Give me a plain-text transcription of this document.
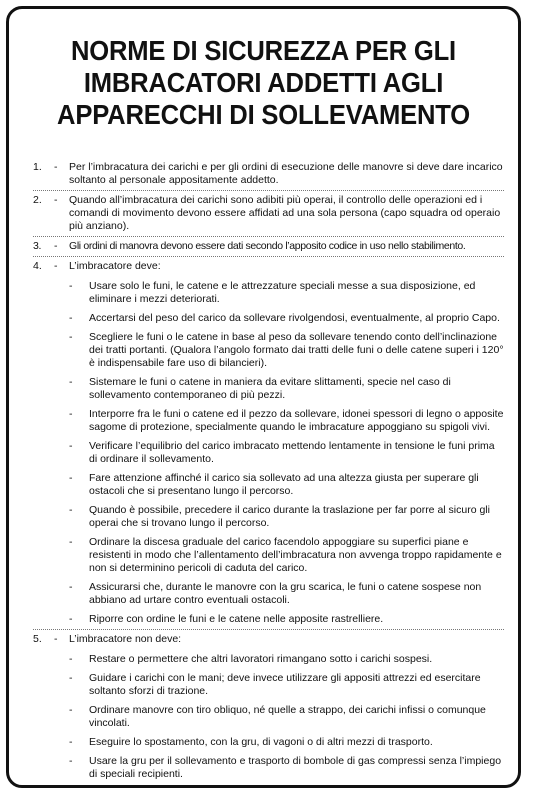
NORME DI SICUREZZA PER GLI
IMBRACATORI ADDETTI AGLI
APPARECCHI DI SOLLEVAMENTO
1. - Per l’imbracatura dei carichi e per gli ordini di esecuzione delle manovre si deve dare incarico soltanto al personale appositamente addetto.
2. - Quando all’imbracatura dei carichi sono adibiti più operai, il controllo delle operazioni ed i comandi di movimento devono essere affidati ad una sola persona (capo squadra od operaio più anziano).
3. - Gli ordini di manovra devono essere dati secondo l’apposito codice in uso nello stabilimento.
4. - L’imbracatore deve:
- Usare solo le funi, le catene e le attrezzature speciali messe a sua disposizione, ed eliminare i mezzi deteriorati.
- Accertarsi del peso del carico da sollevare rivolgendosi, eventualmente, al proprio Capo.
- Scegliere le funi o le catene in base al peso da sollevare tenendo conto dell’inclinazione dei tratti portanti. (Qualora l’angolo formato dai tratti delle funi o delle catene superi i 120° è indispensabile fare uso di bilancieri).
- Sistemare le funi o catene in maniera da evitare slittamenti, specie nel caso di sollevamento contemporaneo di più pezzi.
- Interporre fra le funi o catene ed il pezzo da sollevare, idonei spessori di legno o apposite sagome di protezione, specialmente quando le imbracature appoggiano su spigoli vivi.
- Verificare l’equilibrio del carico imbracato mettendo lentamente in tensione le funi prima di ordinare il sollevamento.
- Fare attenzione affinché il carico sia sollevato ad una altezza giusta per superare gli ostacoli che si presentano lungo il percorso.
- Quando è possibile, precedere il carico durante la traslazione per far porre al sicuro gli operai che si trovano lungo il percorso.
- Ordinare la discesa graduale del carico facendolo appoggiare su superfici piane e resistenti in modo che l’allentamento dell’imbracatura non avvenga troppo rapidamente e non si determinino pericoli di caduta del carico.
- Assicurarsi che, durante le manovre con la gru scarica, le funi o catene sospese non abbiano ad urtare contro eventuali ostacoli.
- Riporre con ordine le funi e le catene nelle apposite rastrelliere.
5. - L’imbracatore non deve:
- Restare o permettere che altri lavoratori rimangano sotto i carichi sospesi.
- Guidare i carichi con le mani; deve invece utilizzare gli appositi attrezzi ed esercitare soltanto sforzi di trazione.
- Ordinare manovre con tiro obliquo, né quelle a strappo, dei carichi infissi o comunque vincolati.
- Eseguire lo spostamento, con la gru, di vagoni o di altri mezzi di trasporto.
- Usare la gru per il sollevamento e trasporto di bombole di gas compressi senza l’impiego di speciali recipienti.
